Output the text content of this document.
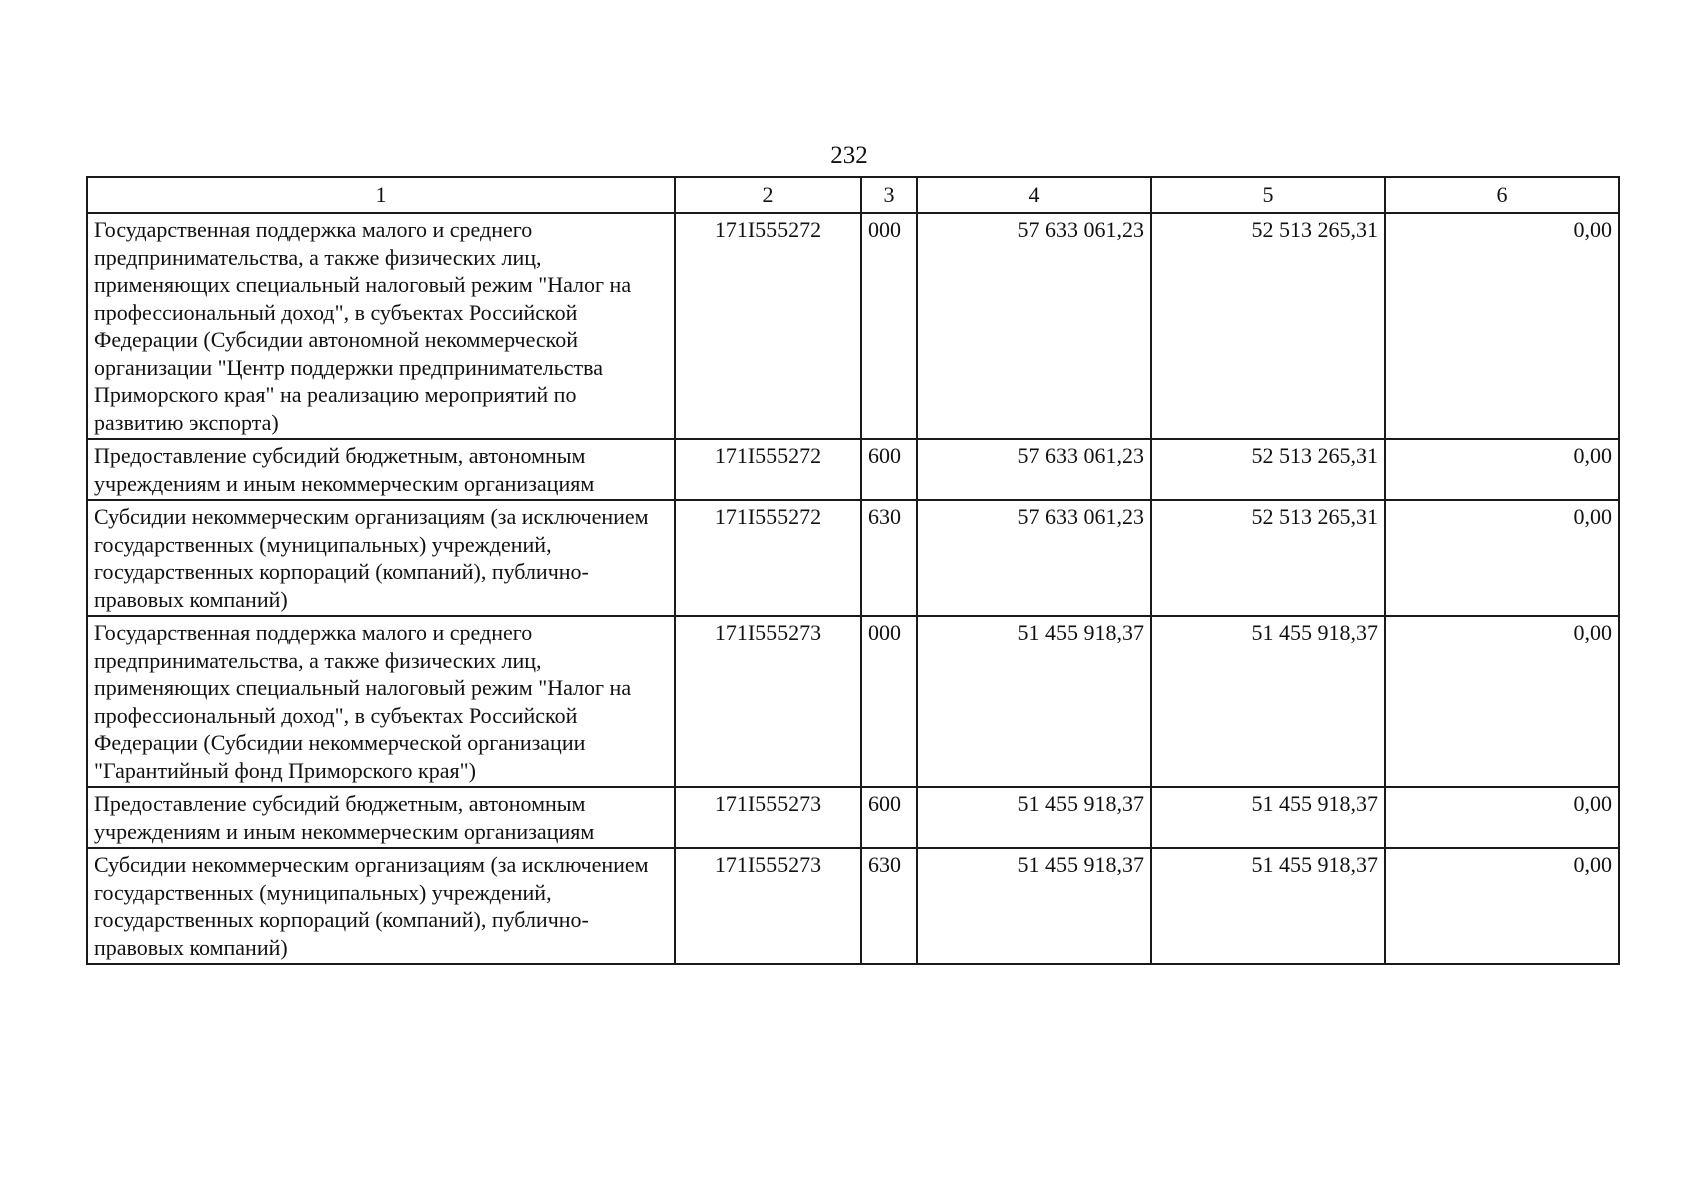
232
1	2	3	4	5	6
Государственная поддержка малого и среднего предпринимательства, а также физических лиц, применяющих специальный налоговый режим "Налог на профессиональный доход", в субъектах Российской Федерации (Субсидии автономной некоммерческой организации "Центр поддержки предпринимательства Приморского края" на реализацию мероприятий по развитию экспорта)	171I555272	000	57 633 061,23	52 513 265,31	0,00
Предоставление субсидий бюджетным, автономным учреждениям и иным некоммерческим организациям	171I555272	600	57 633 061,23	52 513 265,31	0,00
Субсидии некоммерческим организациям (за исключением государственных (муниципальных) учреждений, государственных корпораций (компаний), публично-правовых компаний)	171I555272	630	57 633 061,23	52 513 265,31	0,00
Государственная поддержка малого и среднего предпринимательства, а также физических лиц, применяющих специальный налоговый режим "Налог на профессиональный доход", в субъектах Российской Федерации (Субсидии некоммерческой организации "Гарантийный фонд Приморского края")	171I555273	000	51 455 918,37	51 455 918,37	0,00
Предоставление субсидий бюджетным, автономным учреждениям и иным некоммерческим организациям	171I555273	600	51 455 918,37	51 455 918,37	0,00
Субсидии некоммерческим организациям (за исключением государственных (муниципальных) учреждений, государственных корпораций (компаний), публично-правовых компаний)	171I555273	630	51 455 918,37	51 455 918,37	0,00
